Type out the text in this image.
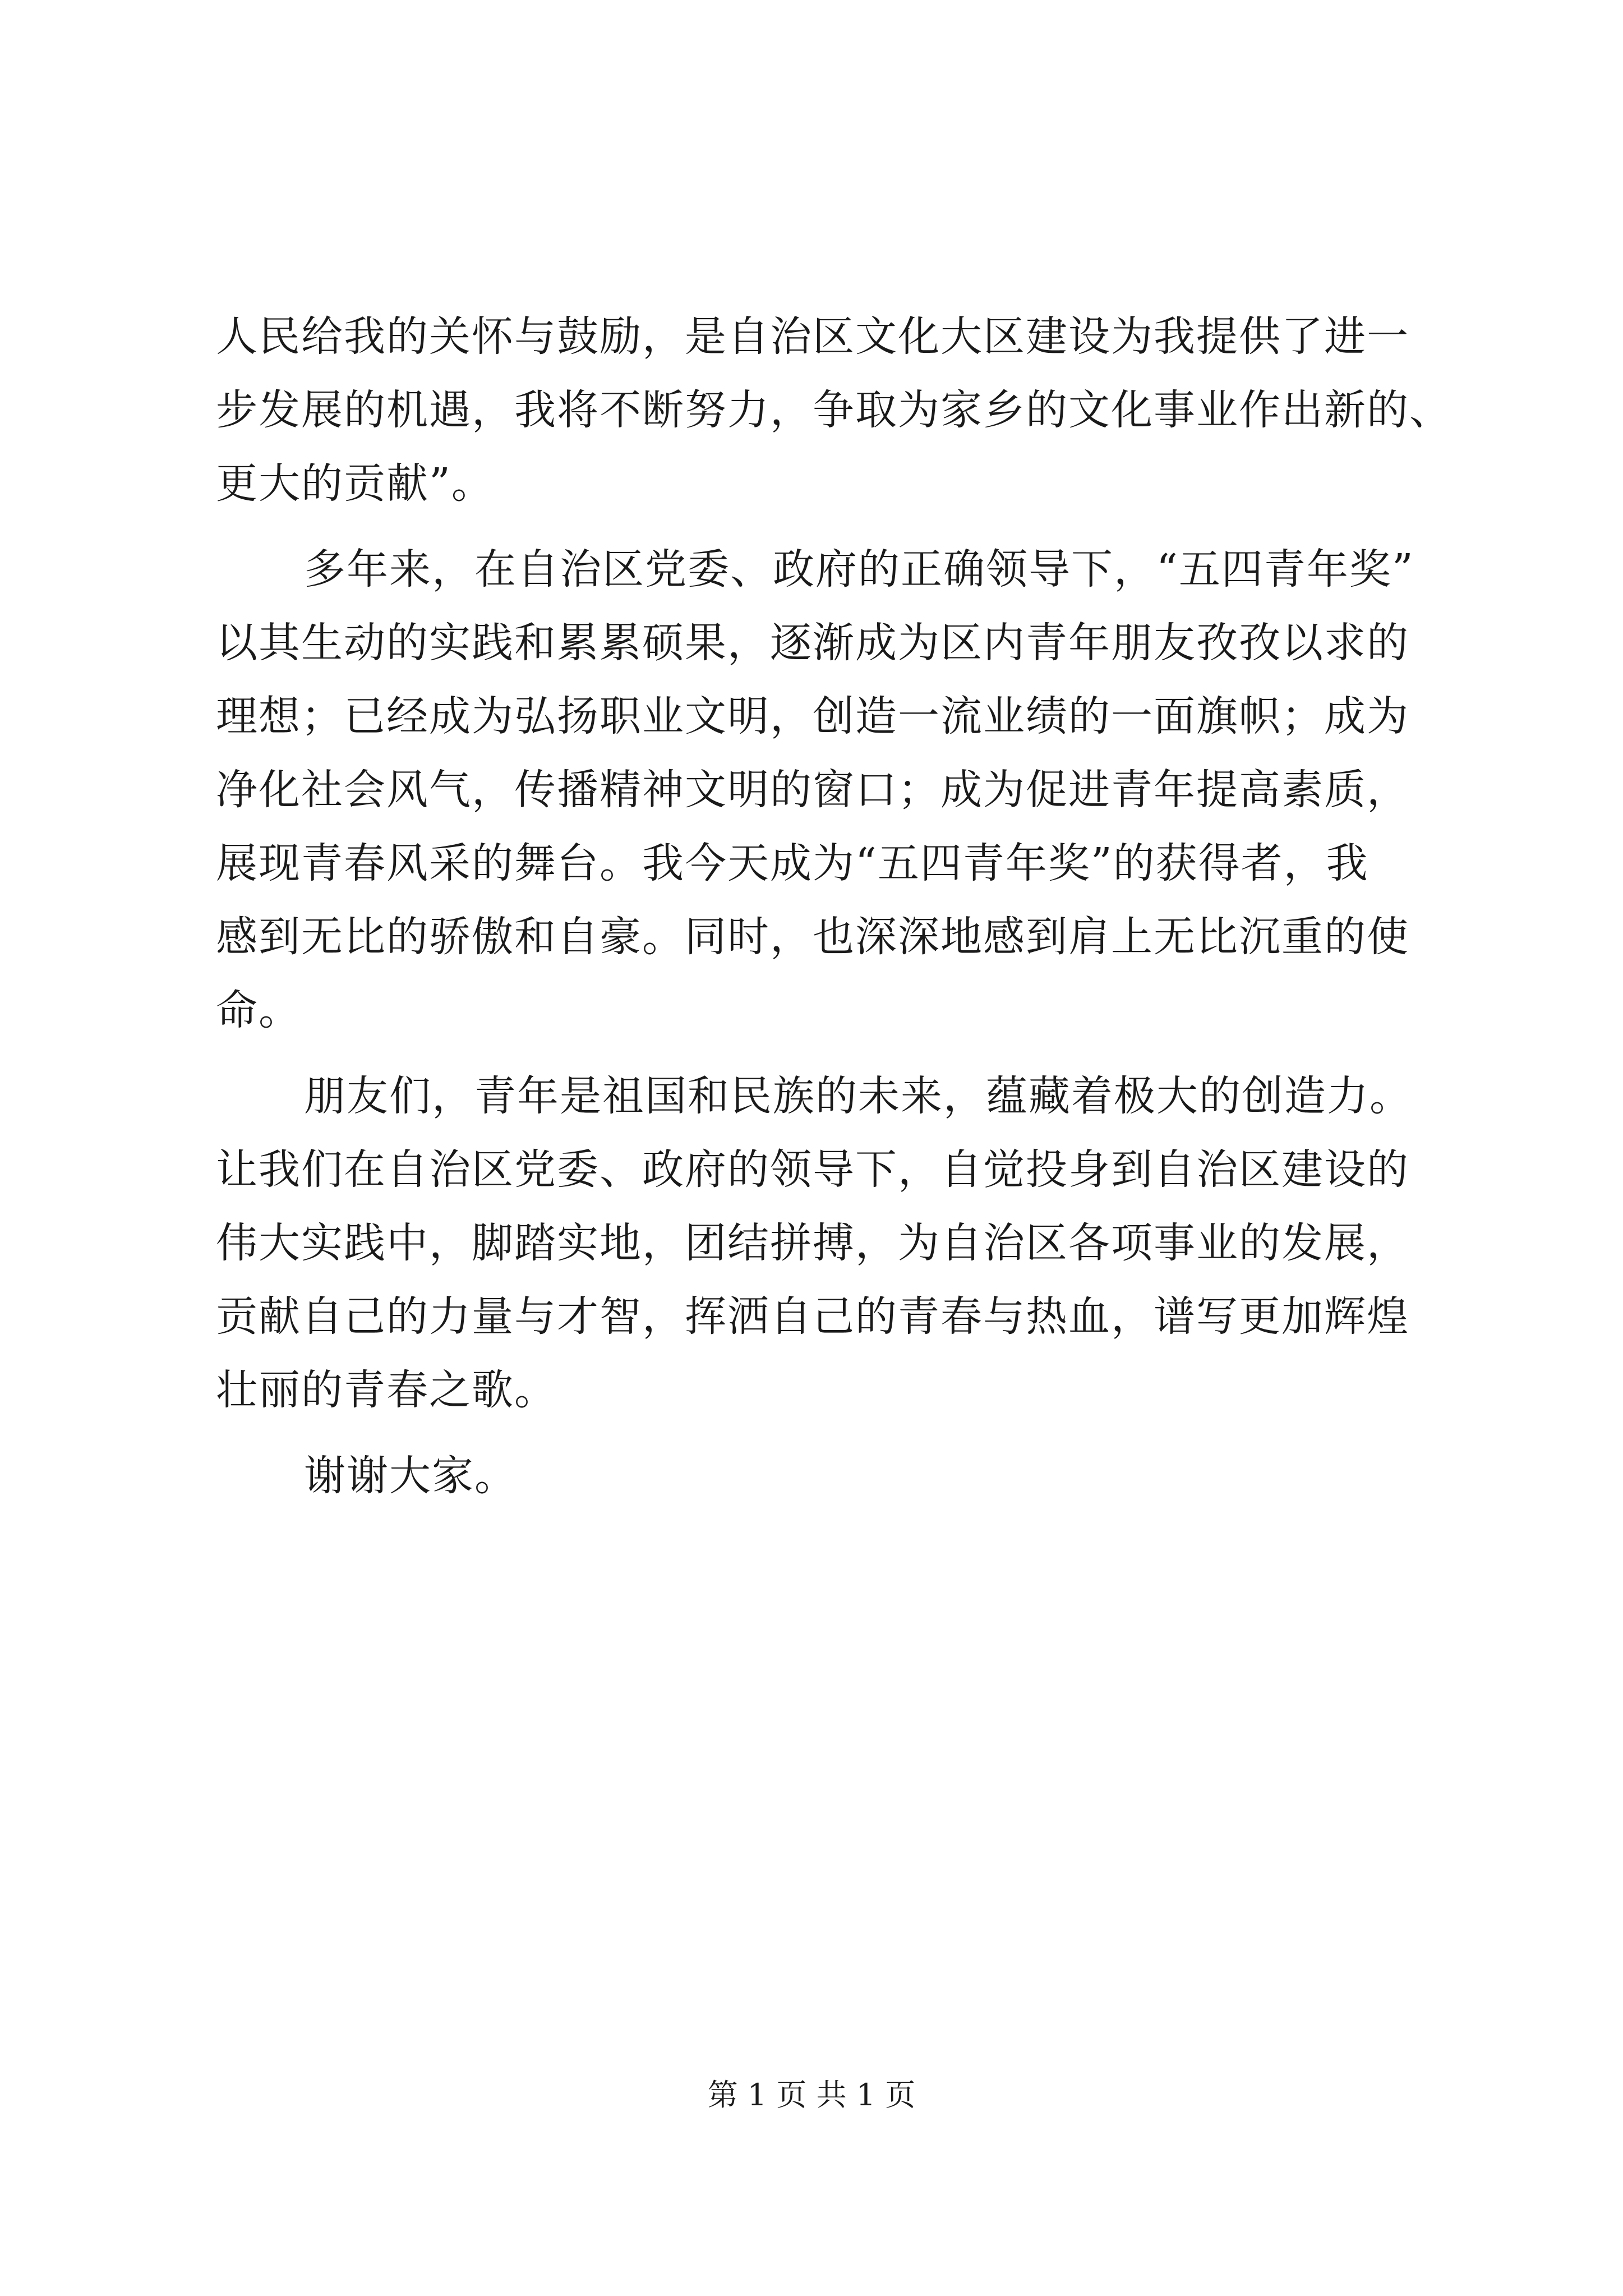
人民给我的关怀与鼓励，是自治区文化大区建设为我提供了进一
步发展的机遇，我将不断努力，争取为家乡的文化事业作出新的、
更大的贡献”。
多年来，在自治区党委、政府的正确领导下，“五四青年奖”
以其生动的实践和累累硕果，逐渐成为区内青年朋友孜孜以求的
理想；已经成为弘扬职业文明，创造一流业绩的一面旗帜；成为
净化社会风气，传播精神文明的窗口；成为促进青年提高素质，
展现青春风采的舞台。我今天成为“五四青年奖”的获得者，我
感到无比的骄傲和自豪。同时，也深深地感到肩上无比沉重的使
命。
朋友们，青年是祖国和民族的未来，蕴藏着极大的创造力。
让我们在自治区党委、政府的领导下，自觉投身到自治区建设的
伟大实践中，脚踏实地，团结拼搏，为自治区各项事业的发展，
贡献自己的力量与才智，挥洒自己的青春与热血，谱写更加辉煌
壮丽的青春之歌。
谢谢大家。
第 1 页 共 1 页
